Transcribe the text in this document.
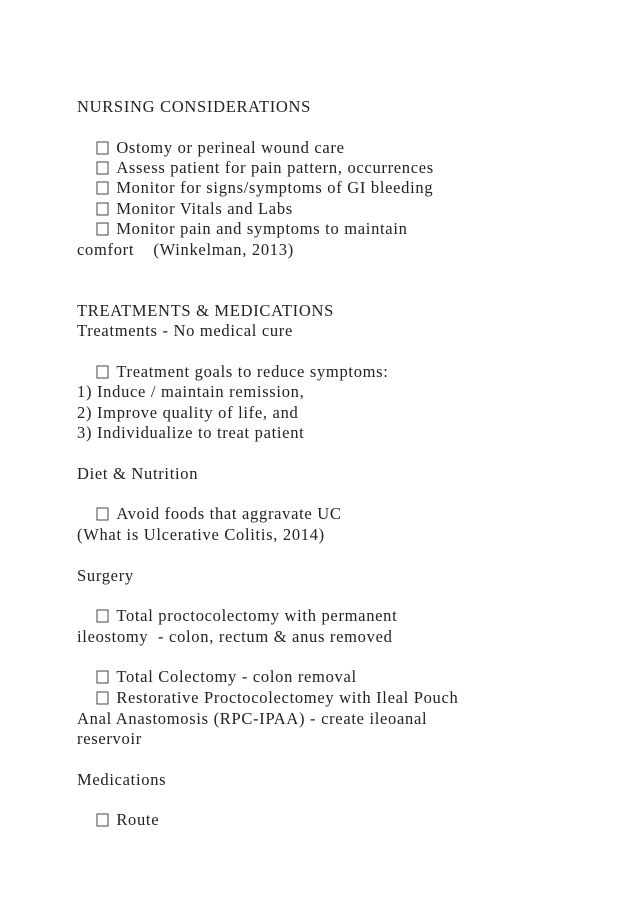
NURSING CONSIDERATIONS

Ostomy or perineal wound care

Assess patient for pain pattern, occurrences

Monitor for signs/symptoms of GI bleeding

Monitor Vitals and Labs

Monitor pain and symptoms to maintain

comfort    (Winkelman, 2013)
TREATMENTS & MEDICATIONS
Treatments - No medical cure

Treatment goals to reduce symptoms:

1) Induce / maintain remission,
2) Improve quality of life, and
3) Individualize to treat patient
Diet & Nutrition

Avoid foods that aggravate UC

(What is Ulcerative Colitis, 2014)
Surgery

Total proctocolectomy with permanent

ileostomy  - colon, rectum & anus removed

Total Colectomy - colon removal

Restorative Proctocolectomey with Ileal Pouch

Anal Anastomosis (RPC-IPAA) - create ileoanal
reservoir
Medications

Route
